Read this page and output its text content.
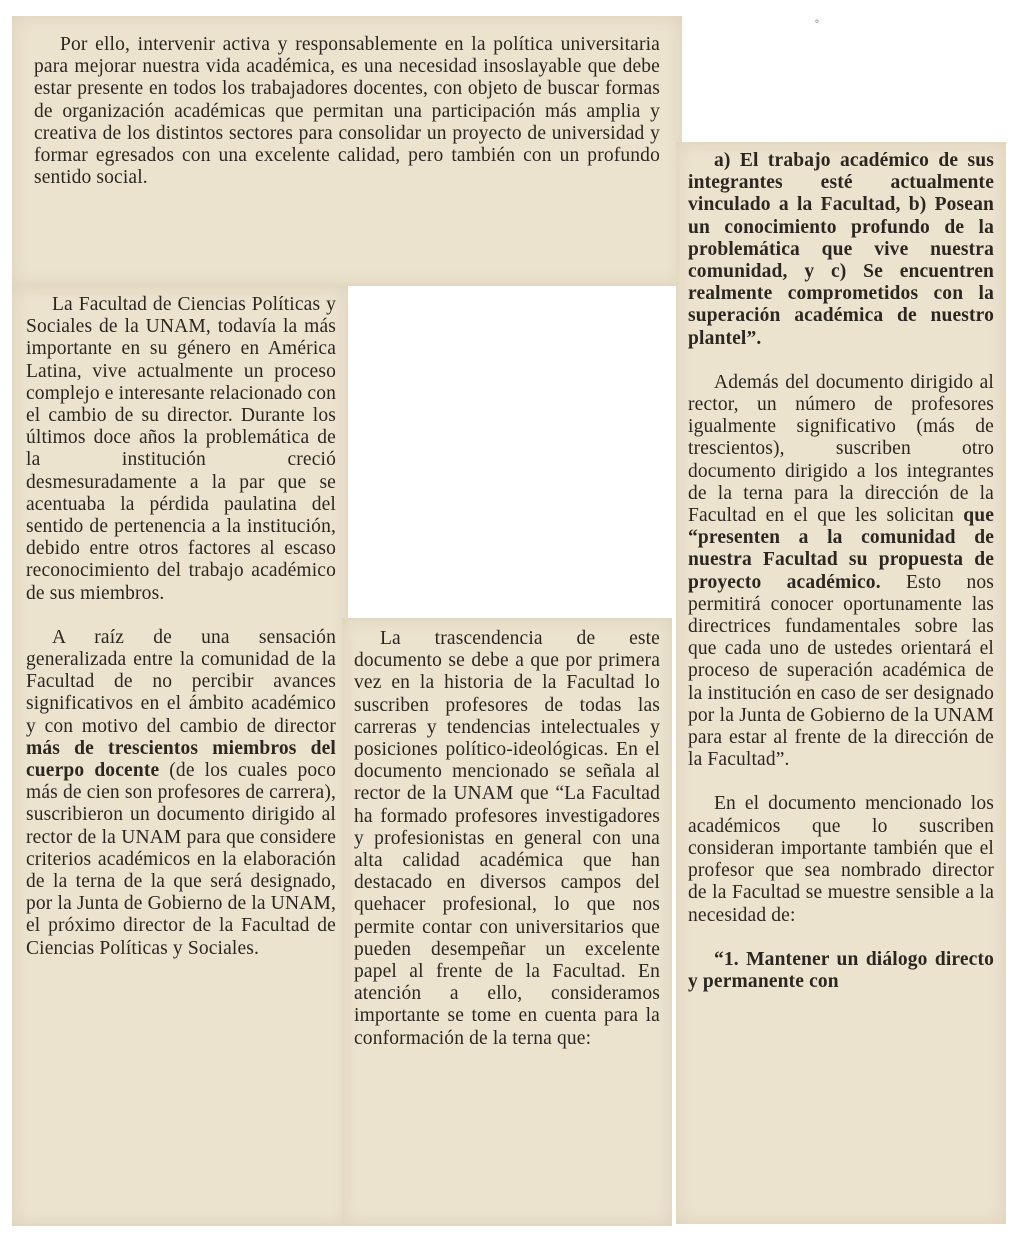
Por ello, intervenir activa y responsablemente en la política universitaria para mejorar nuestra vida académica, es una necesidad insoslayable que debe estar presente en todos los trabajadores docentes, con objeto de buscar formas de organización académicas que permitan una participación más amplia y creativa de los distintos sectores para consolidar un proyecto de universidad y formar egresados con una excelente calidad, pero también con un profundo sentido social.

La Facultad de Ciencias Políticas y Sociales de la UNAM, todavía la más importante en su género en América Latina, vive actualmente un proceso complejo e interesante relacionado con el cambio de su director. Durante los últimos doce años la problemática de la institución creció desmesuradamente a la par que se acentuaba la pérdida paulatina del sentido de pertenencia a la institución, debido entre otros factores al escaso reconocimiento del trabajo académico de sus miembros.

A raíz de una sensación generalizada entre la comunidad de la Facultad de no percibir avances significativos en el ámbito académico y con motivo del cambio de director más de trescientos miembros del cuerpo docente (de los cuales poco más de cien son profesores de carrera), suscribieron un documento dirigido al rector de la UNAM para que considere criterios académicos en la elaboración de la terna de la que será designado, por la Junta de Gobierno de la UNAM, el próximo director de la Facultad de Ciencias Políticas y Sociales.

La trascendencia de este documento se debe a que por primera vez en la historia de la Facultad lo suscriben profesores de todas las carreras y tendencias intelectuales y posiciones político-ideológicas. En el documento mencionado se señala al rector de la UNAM que “La Facultad ha formado profesores investigadores y profesionistas en general con una alta calidad académica que han destacado en diversos campos del quehacer profesional, lo que nos permite contar con universitarios que pueden desempeñar un excelente papel al frente de la Facultad. En atención a ello, consideramos importante se tome en cuenta para la conformación de la terna que:

a) El trabajo académico de sus integrantes esté actualmente vinculado a la Facultad, b) Posean un conocimiento profundo de la problemática que vive nuestra comunidad, y c) Se encuentren realmente comprometidos con la superación académica de nuestro plantel”.

Además del documento dirigido al rector, un número de profesores igualmente significativo (más de trescientos), suscriben otro documento dirigido a los integrantes de la terna para la dirección de la Facultad en el que les solicitan que “presenten a la comunidad de nuestra Facultad su propuesta de proyecto académico. Esto nos permitirá conocer oportunamente las directrices fundamentales sobre las que cada uno de ustedes orientará el proceso de superación académica de la institución en caso de ser designado por la Junta de Gobierno de la UNAM para estar al frente de la dirección de la Facultad”.

En el documento mencionado los académicos que lo suscriben consideran importante también que el profesor que sea nombrado director de la Facultad se muestre sensible a la necesidad de:

“1. Mantener un diálogo directo y permanente con

∘
